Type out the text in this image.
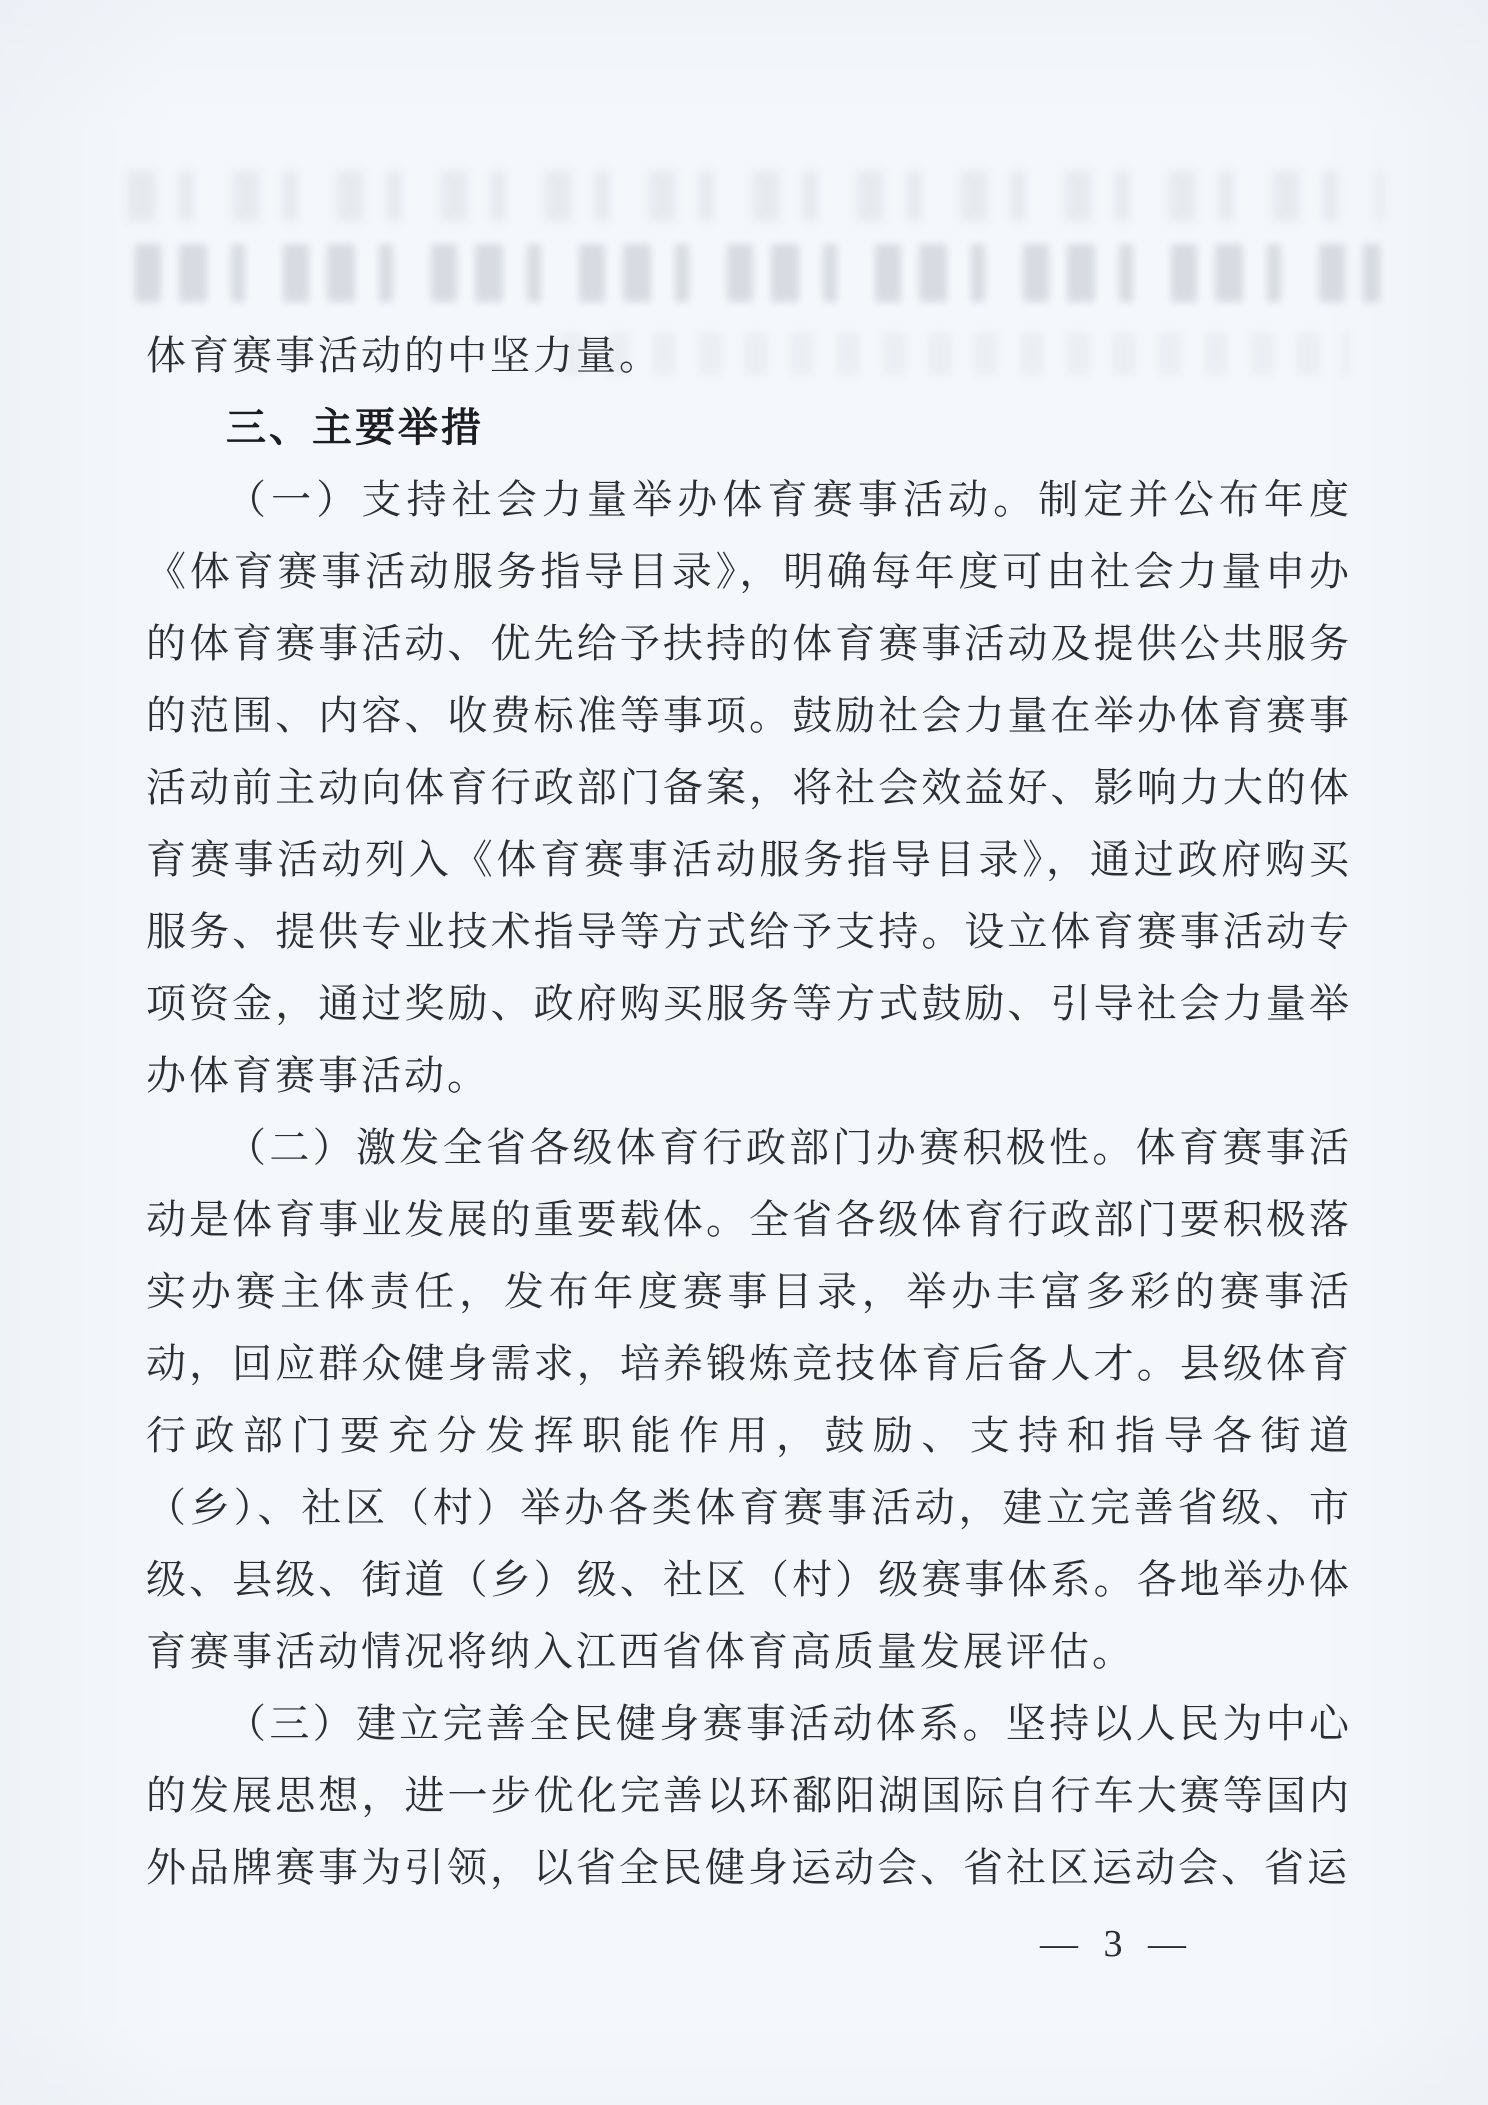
体育赛事活动的中坚力量。

三、主要举措

（一）支持社会力量举办体育赛事活动。制定并公布年度《体育赛事活动服务指导目录》，明确每年度可由社会力量申办的体育赛事活动、优先给予扶持的体育赛事活动及提供公共服务的范围、内容、收费标准等事项。鼓励社会力量在举办体育赛事活动前主动向体育行政部门备案，将社会效益好、影响力大的体育赛事活动列入《体育赛事活动服务指导目录》，通过政府购买服务、提供专业技术指导等方式给予支持。设立体育赛事活动专项资金，通过奖励、政府购买服务等方式鼓励、引导社会力量举办体育赛事活动。

（二）激发全省各级体育行政部门办赛积极性。体育赛事活动是体育事业发展的重要载体。全省各级体育行政部门要积极落实办赛主体责任，发布年度赛事目录，举办丰富多彩的赛事活动，回应群众健身需求，培养锻炼竞技体育后备人才。县级体育行政部门要充分发挥职能作用，鼓励、支持和指导各街道（乡）、社区（村）举办各类体育赛事活动，建立完善省级、市级、县级、街道（乡）级、社区（村）级赛事体系。各地举办体育赛事活动情况将纳入江西省体育高质量发展评估。

（三）建立完善全民健身赛事活动体系。坚持以人民为中心的发展思想，进一步优化完善以环鄱阳湖国际自行车大赛等国内外品牌赛事为引领，以省全民健身运动会、省社区运动会、省运

— 3 —
